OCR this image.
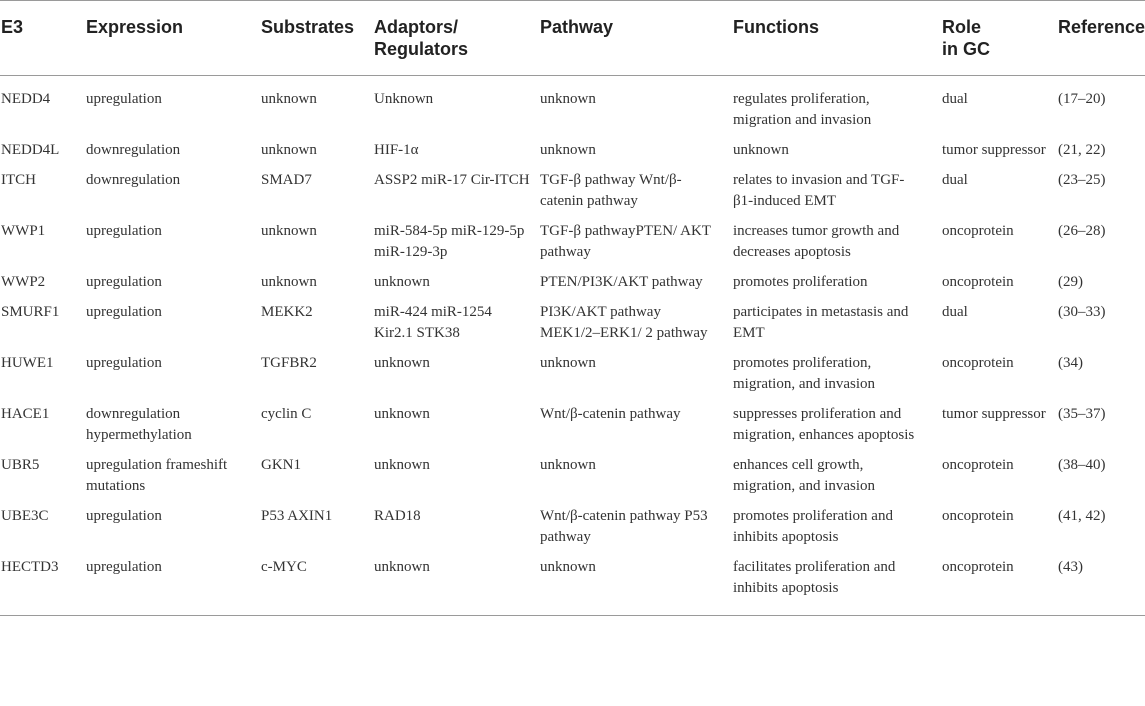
E3	Expression	Substrates	Adaptors/
Regulators	Pathway	Functions	Role
in GC	Reference
NEDD4	upregulation	unknown	Unknown	unknown	regulates proliferation, migration and invasion	dual	(17–20)
NEDD4L	downregulation	unknown	HIF-1α	unknown	unknown	tumor suppressor	(21, 22)
ITCH	downregulation	SMAD7	ASSP2 miR-17 Cir-ITCH	TGF-β pathway Wnt/β-catenin pathway	relates to invasion and TGF-β1-induced EMT	dual	(23–25)
WWP1	upregulation	unknown	miR-584-5p miR-129-5p miR-129-3p	TGF-β pathwayPTEN/ AKT pathway	increases tumor growth and decreases apoptosis	oncoprotein	(26–28)
WWP2	upregulation	unknown	unknown	PTEN/PI3K/AKT pathway	promotes proliferation	oncoprotein	(29)
SMURF1	upregulation	MEKK2	miR-424 miR-1254 Kir2.1 STK38	PI3K/AKT pathway MEK1/2–ERK1/ 2 pathway	participates in metastasis and EMT	dual	(30–33)
HUWE1	upregulation	TGFBR2	unknown	unknown	promotes proliferation, migration, and invasion	oncoprotein	(34)
HACE1	downregulation hypermethylation	cyclin C	unknown	Wnt/β-catenin pathway	suppresses proliferation and migration, enhances apoptosis	tumor suppressor	(35–37)
UBR5	upregulation frameshift mutations	GKN1	unknown	unknown	enhances cell growth, migration, and invasion	oncoprotein	(38–40)
UBE3C	upregulation	P53 AXIN1	RAD18	Wnt/β-catenin pathway P53 pathway	promotes proliferation and inhibits apoptosis	oncoprotein	(41, 42)
HECTD3	upregulation	c-MYC	unknown	unknown	facilitates proliferation and inhibits apoptosis	oncoprotein	(43)
